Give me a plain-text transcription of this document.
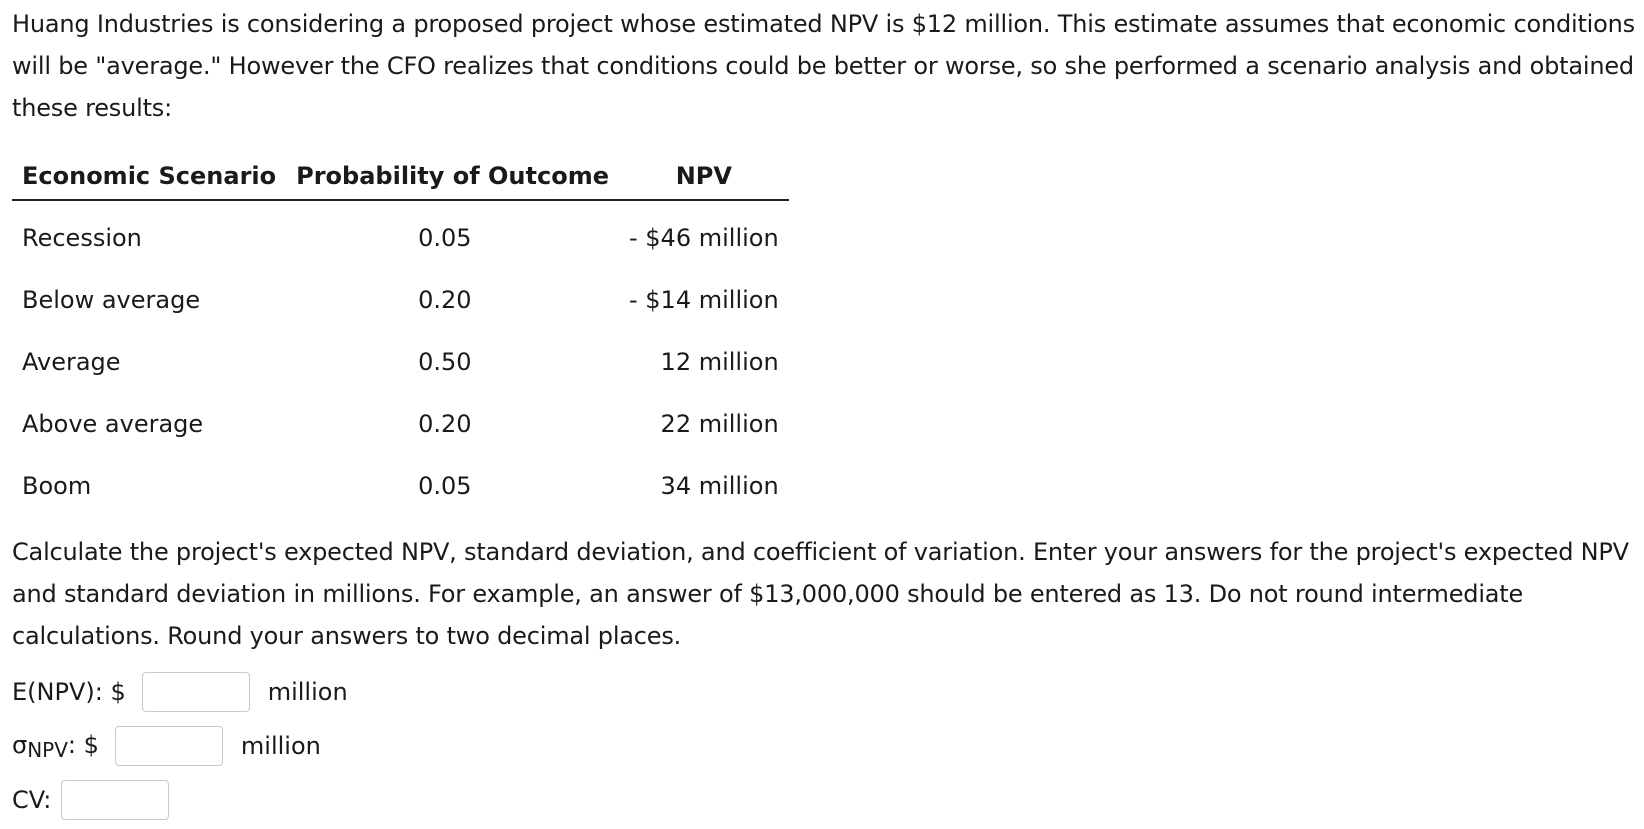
Huang Industries is considering a proposed project whose estimated NPV is $12 million. This estimate assumes that economic conditions will be "average." However the CFO realizes that conditions could be better or worse, so she performed a scenario analysis and obtained these results:

Economic Scenario	Probability of Outcome	NPV
Recession	0.05	- $46 million
Below average	0.20	- $14 million
Average	0.50	12 million
Above average	0.20	22 million
Boom	0.05	34 million

Calculate the project's expected NPV, standard deviation, and coefficient of variation. Enter your answers for the project's expected NPV and standard deviation in millions. For example, an answer of $13,000,000 should be entered as 13. Do not round intermediate calculations. Round your answers to two decimal places.

E(NPV): $	million
$\sigma_{NPV}$: $	million
CV:
